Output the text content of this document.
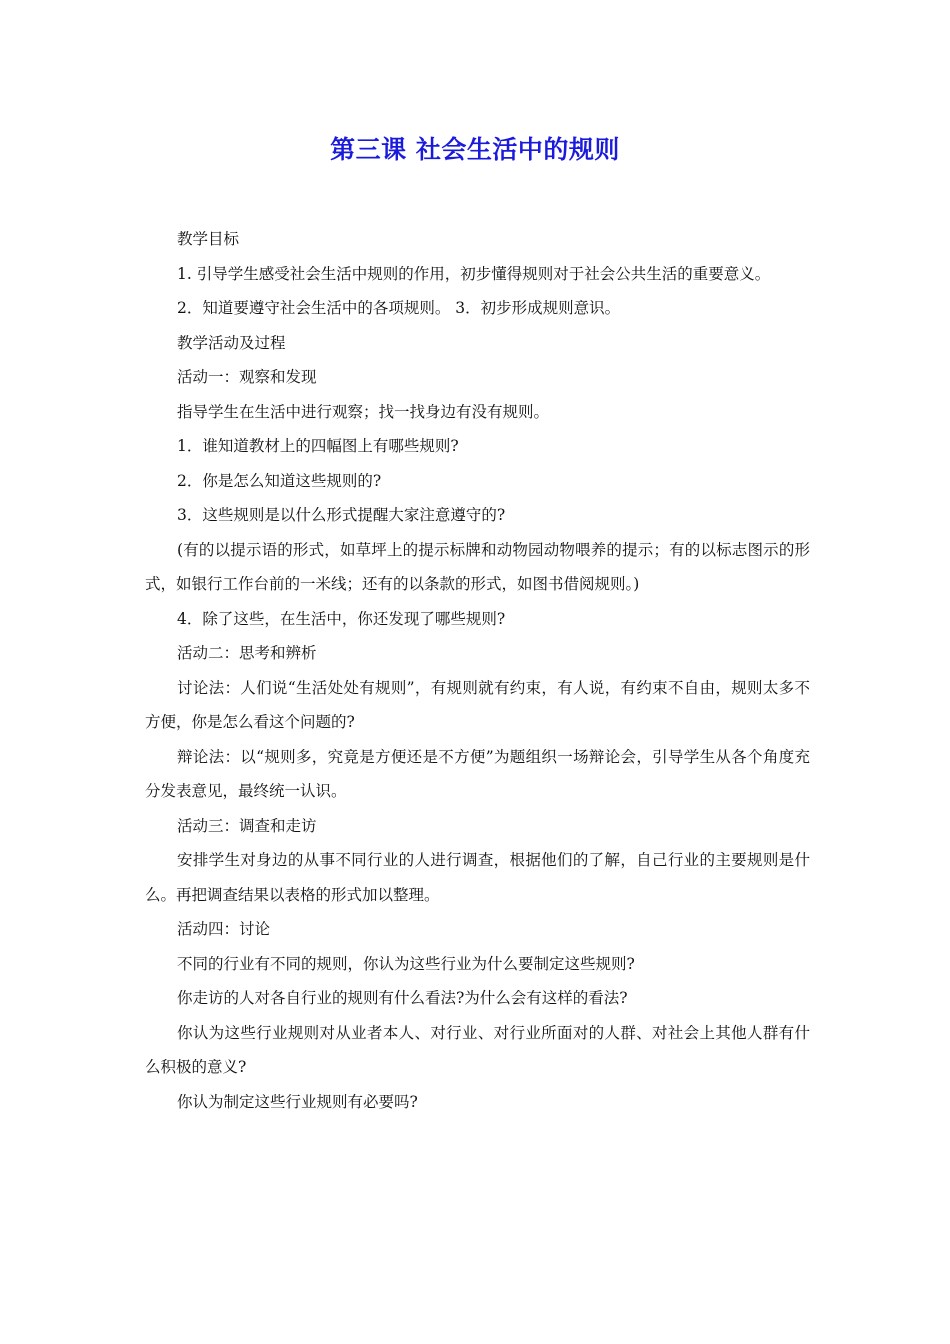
第三课 社会生活中的规则

教学目标

1. 引导学生感受社会生活中规则的作用，初步懂得规则对于社会公共生活的重要意义。

2．知道要遵守社会生活中的各项规则。 3．初步形成规则意识。

教学活动及过程

活动一：观察和发现

指导学生在生活中进行观察；找一找身边有没有规则。

1．谁知道教材上的四幅图上有哪些规则?

2．你是怎么知道这些规则的?

3．这些规则是以什么形式提醒大家注意遵守的?

(有的以提示语的形式，如草坪上的提示标牌和动物园动物喂养的提示；有的以标志图示的形式，如银行工作台前的一米线；还有的以条款的形式，如图书借阅规则。)

4．除了这些，在生活中，你还发现了哪些规则?

活动二：思考和辨析

讨论法：人们说“生活处处有规则”，有规则就有约束，有人说，有约束不自由，规则太多不方便，你是怎么看这个问题的?

辩论法：以“规则多，究竟是方便还是不方便”为题组织一场辩论会，引导学生从各个角度充分发表意见，最终统一认识。

活动三：调查和走访

安排学生对身边的从事不同行业的人进行调查，根据他们的了解，自己行业的主要规则是什么。再把调查结果以表格的形式加以整理。

活动四：讨论

不同的行业有不同的规则，你认为这些行业为什么要制定这些规则?

你走访的人对各自行业的规则有什么看法?为什么会有这样的看法?

你认为这些行业规则对从业者本人、对行业、对行业所面对的人群、对社会上其他人群有什么积极的意义?

你认为制定这些行业规则有必要吗?
